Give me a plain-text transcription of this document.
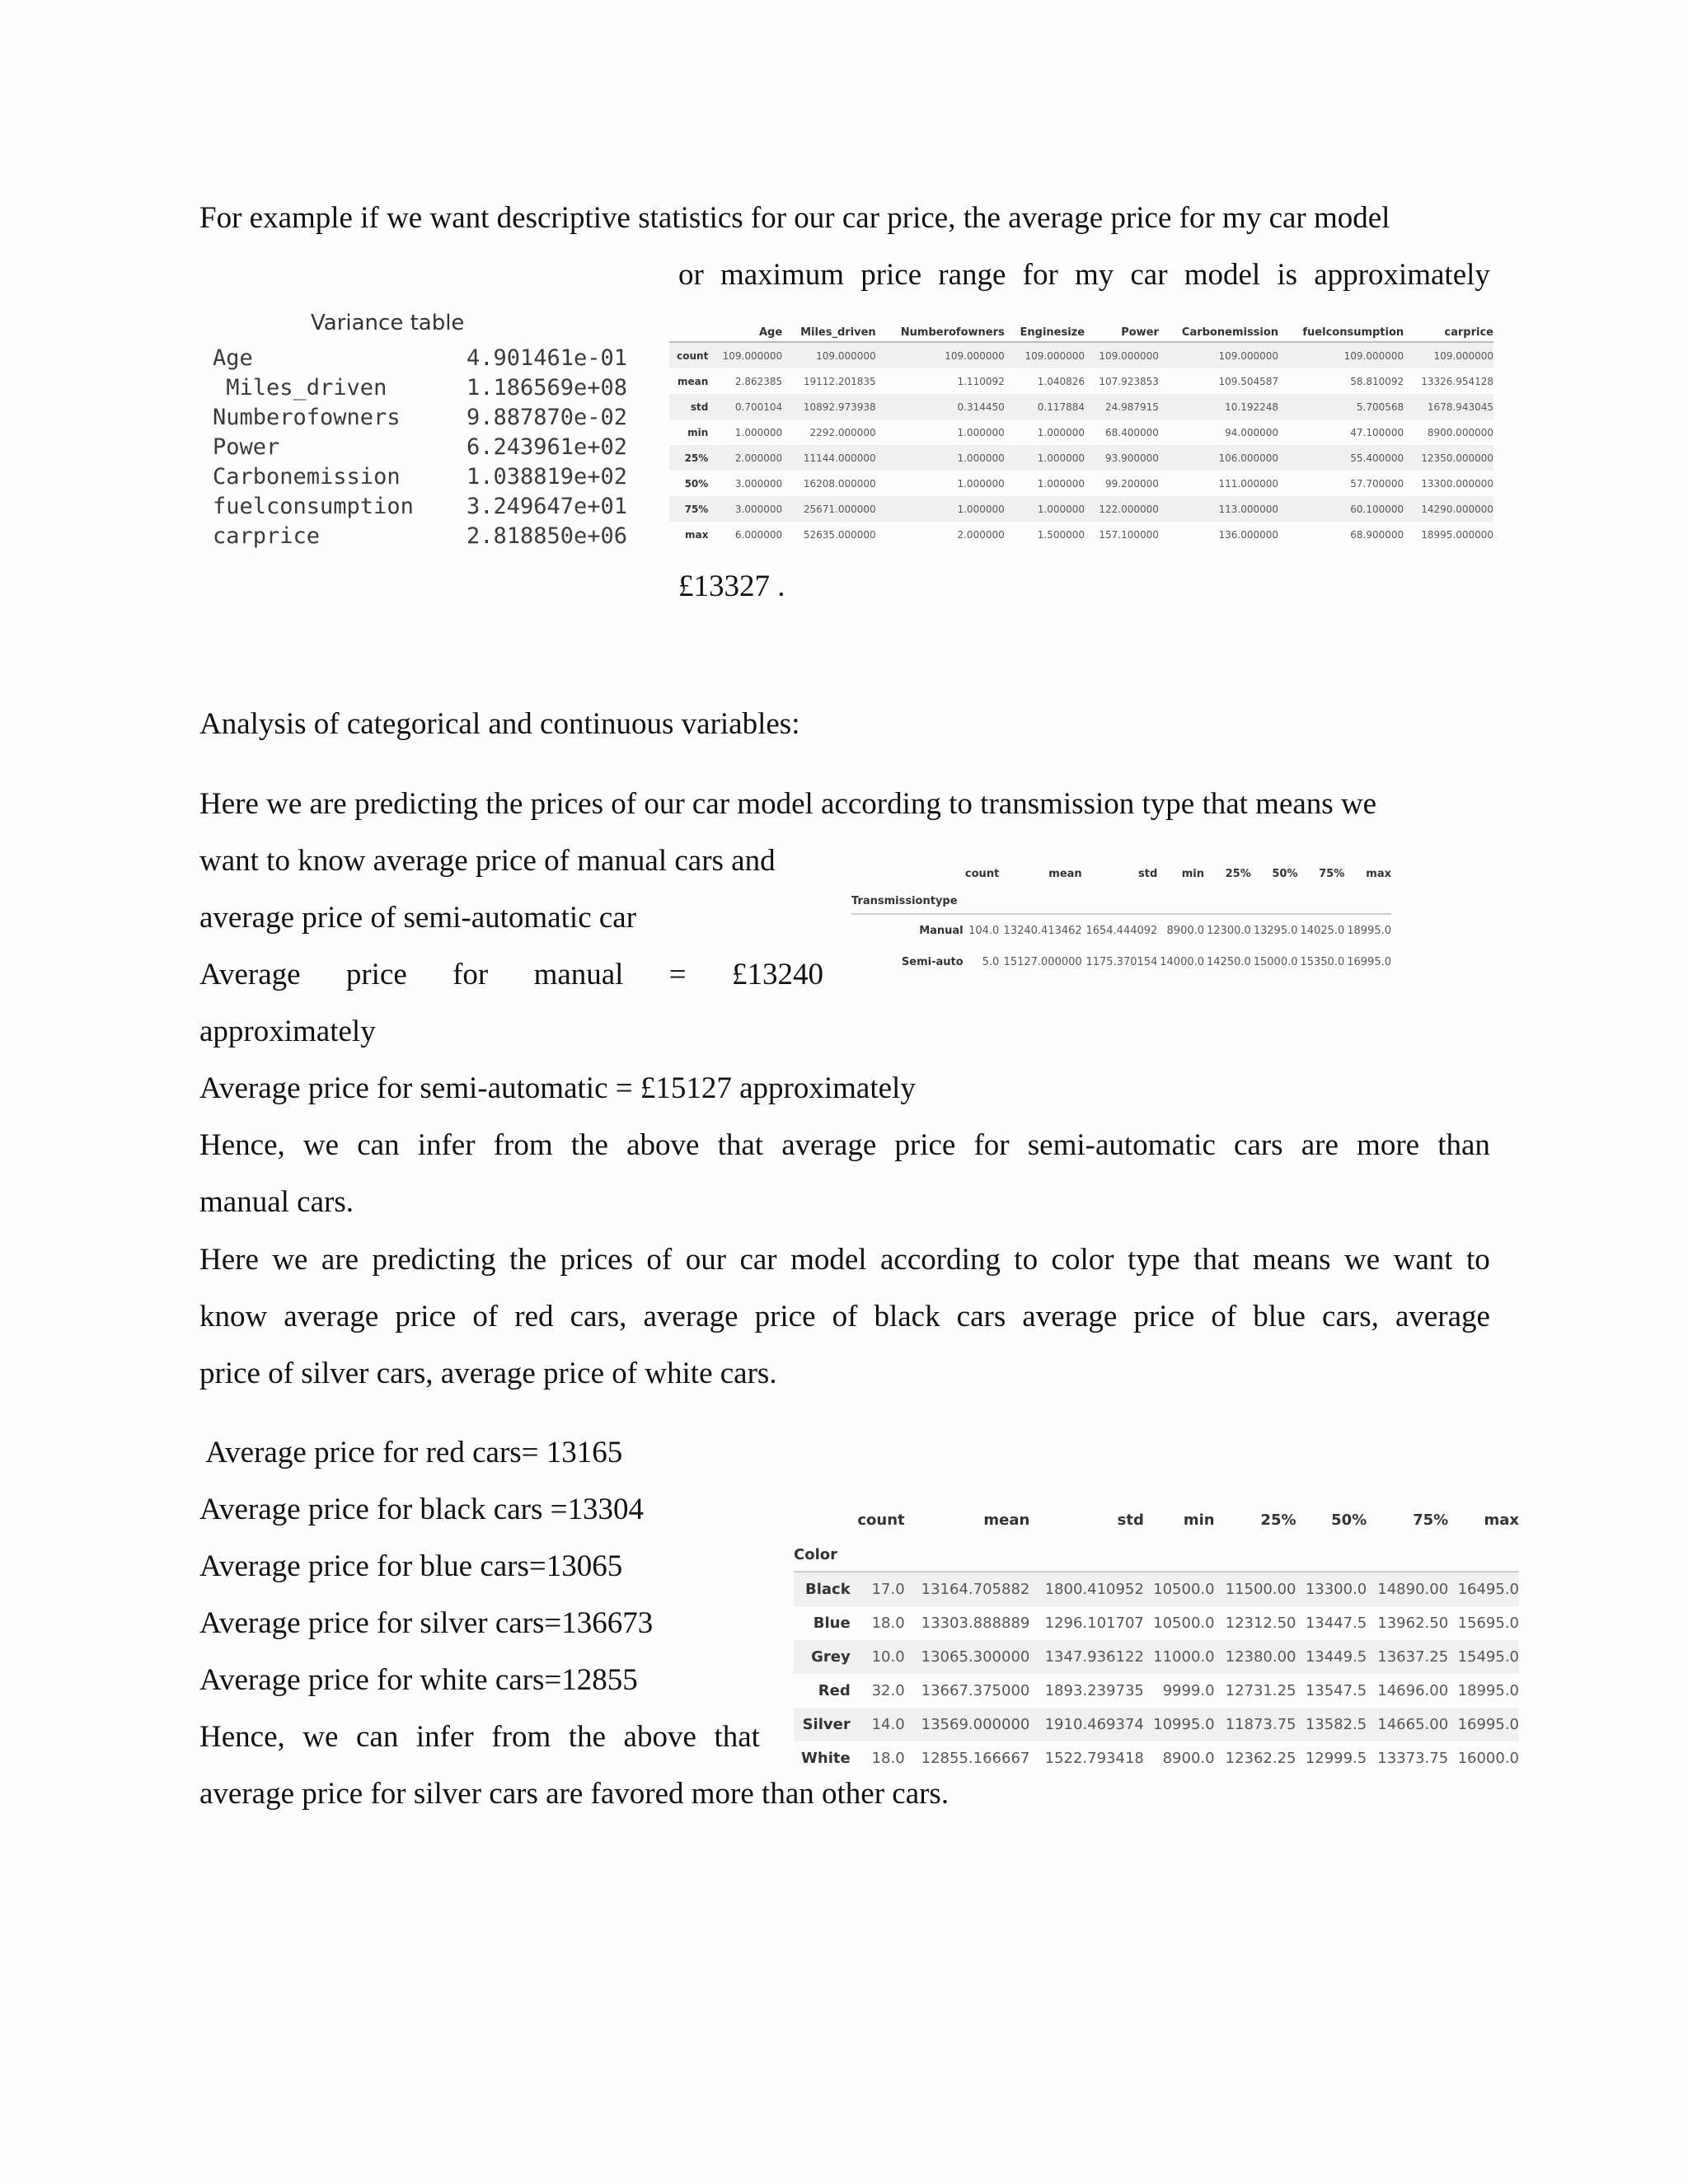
For example if we want descriptive statistics for our car price, the average price for my car model
or maximum price range for my car model is approximately
£13327 .
Variance table
Age	4.901461e-01
Miles_driven	1.186569e+08
Numberofowners	9.887870e-02
Power	6.243961e+02
Carbonemission	1.038819e+02
fuelconsumption 3.249647e+01
carprice	2.818850e+06
	Age	Miles_driven	Numberofowners	Enginesize	Power	Carbonemission	fuelconsumption	carprice
count	109.000000	109.000000	109.000000	109.000000	109.000000	109.000000	109.000000	109.000000
mean	2.862385	19112.201835	1.110092	1.040826	107.923853	109.504587	58.810092	13326.954128
std	0.700104	10892.973938	0.314450	0.117884	24.987915	10.192248	5.700568	1678.943045
min	1.000000	2292.000000	1.000000	1.000000	68.400000	94.000000	47.100000	8900.000000
25%	2.000000	11144.000000	1.000000	1.000000	93.900000	106.000000	55.400000	12350.000000
50%	3.000000	16208.000000	1.000000	1.000000	99.200000	111.000000	57.700000	13300.000000
75%	3.000000	25671.000000	1.000000	1.000000	122.000000	113.000000	60.100000	14290.000000
max	6.000000	52635.000000	2.000000	1.500000	157.100000	136.000000	68.900000	18995.000000
Analysis of categorical and continuous variables:
Here we are predicting the prices of our car model according to transmission type that means we
want to know average price of manual cars and
average price of semi-automatic car
Average price for manual = £13240
approximately
Average price for semi-automatic = £15127 approximately
Hence, we can infer from the above that average price for semi-automatic cars are more than
manual cars.
	count	mean	std	min	25%	50%	75%	max
Transmissiontype								
Manual	104.0	13240.413462	1654.444092	8900.0	12300.0	13295.0	14025.0	18995.0
Semi-auto	5.0	15127.000000	1175.370154	14000.0	14250.0	15000.0	15350.0	16995.0
Here we are predicting the prices of our car model according to color type that means we want to
know average price of red cars, average price of black cars average price of blue cars, average
price of silver cars, average price of white cars.
Average price for red cars= 13165
Average price for black cars =13304
Average price for blue cars=13065
Average price for silver cars=136673
Average price for white cars=12855
Hence, we can infer from the above that
average price for silver cars are favored more than other cars.
	count	mean	std	min	25%	50%	75%	max
Color								
Black	17.0	13164.705882	1800.410952	10500.0	11500.00	13300.0	14890.00	16495.0
Blue	18.0	13303.888889	1296.101707	10500.0	12312.50	13447.5	13962.50	15695.0
Grey	10.0	13065.300000	1347.936122	11000.0	12380.00	13449.5	13637.25	15495.0
Red	32.0	13667.375000	1893.239735	9999.0	12731.25	13547.5	14696.00	18995.0
Silver	14.0	13569.000000	1910.469374	10995.0	11873.75	13582.5	14665.00	16995.0
White	18.0	12855.166667	1522.793418	8900.0	12362.25	12999.5	13373.75	16000.0
